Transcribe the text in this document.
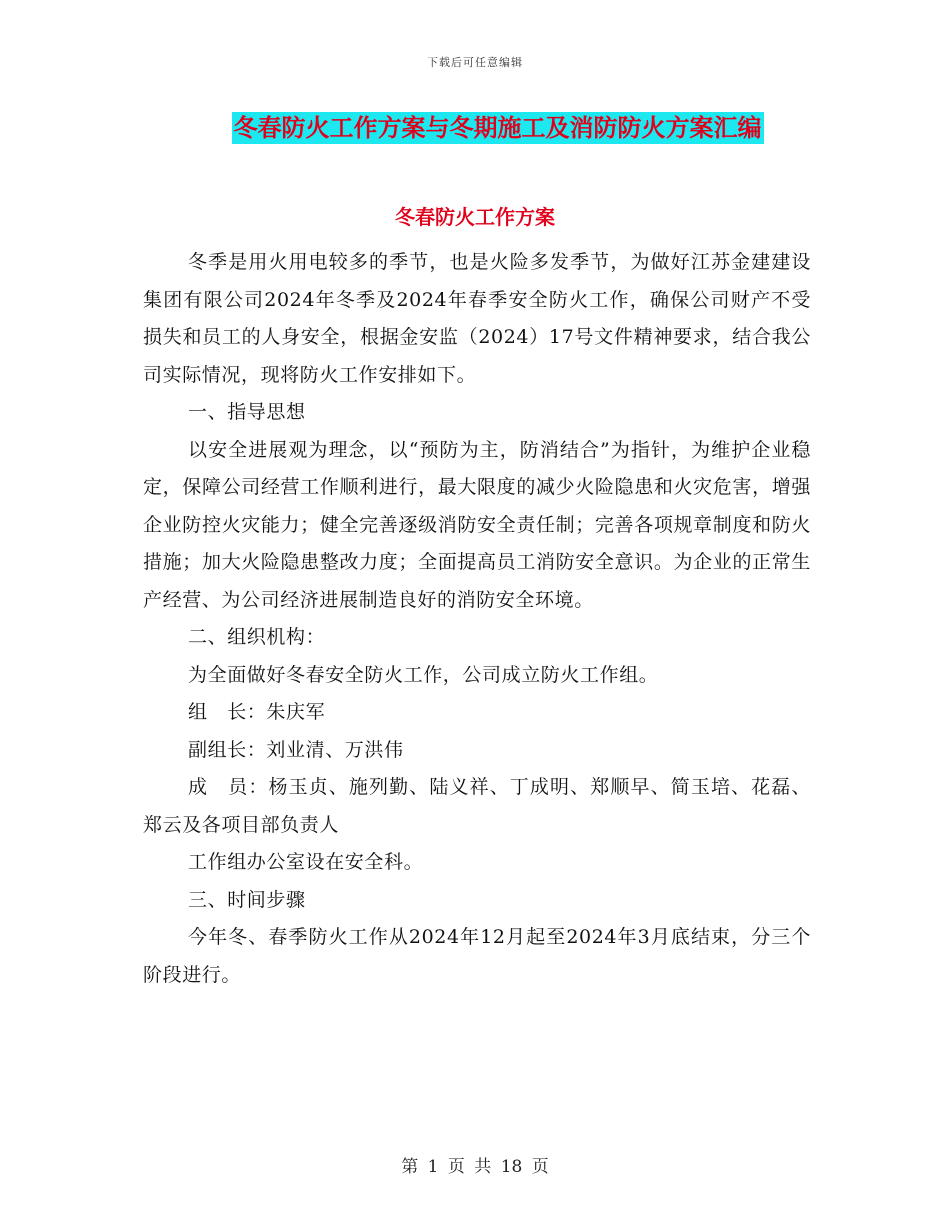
下载后可任意编辑
冬春防火工作方案与冬期施工及消防防火方案汇编
冬春防火工作方案

冬季是用火用电较多的季节，也是火险多发季节，为做好江苏金建建设集团有限公司2024年冬季及2024年春季安全防火工作，确保公司财产不受损失和员工的人身安全，根据金安监（2024）17号文件精神要求，结合我公司实际情况，现将防火工作安排如下。

一、指导思想

以安全进展观为理念，以“预防为主，防消结合”为指针，为维护企业稳定，保障公司经营工作顺利进行，最大限度的减少火险隐患和火灾危害，增强企业防控火灾能力；健全完善逐级消防安全责任制；完善各项规章制度和防火措施；加大火险隐患整改力度；全面提高员工消防安全意识。为企业的正常生产经营、为公司经济进展制造良好的消防安全环境。

二、组织机构：

为全面做好冬春安全防火工作，公司成立防火工作组。

组　长：朱庆军

副组长：刘业清、万洪伟

成　员：杨玉贞、施列勤、陆义祥、丁成明、郑顺早、简玉培、花磊、郑云及各项目部负责人

工作组办公室设在安全科。

三、时间步骤

今年冬、春季防火工作从2024年12月起至2024年3月底结束，分三个阶段进行。

第 1 页 共 18 页
